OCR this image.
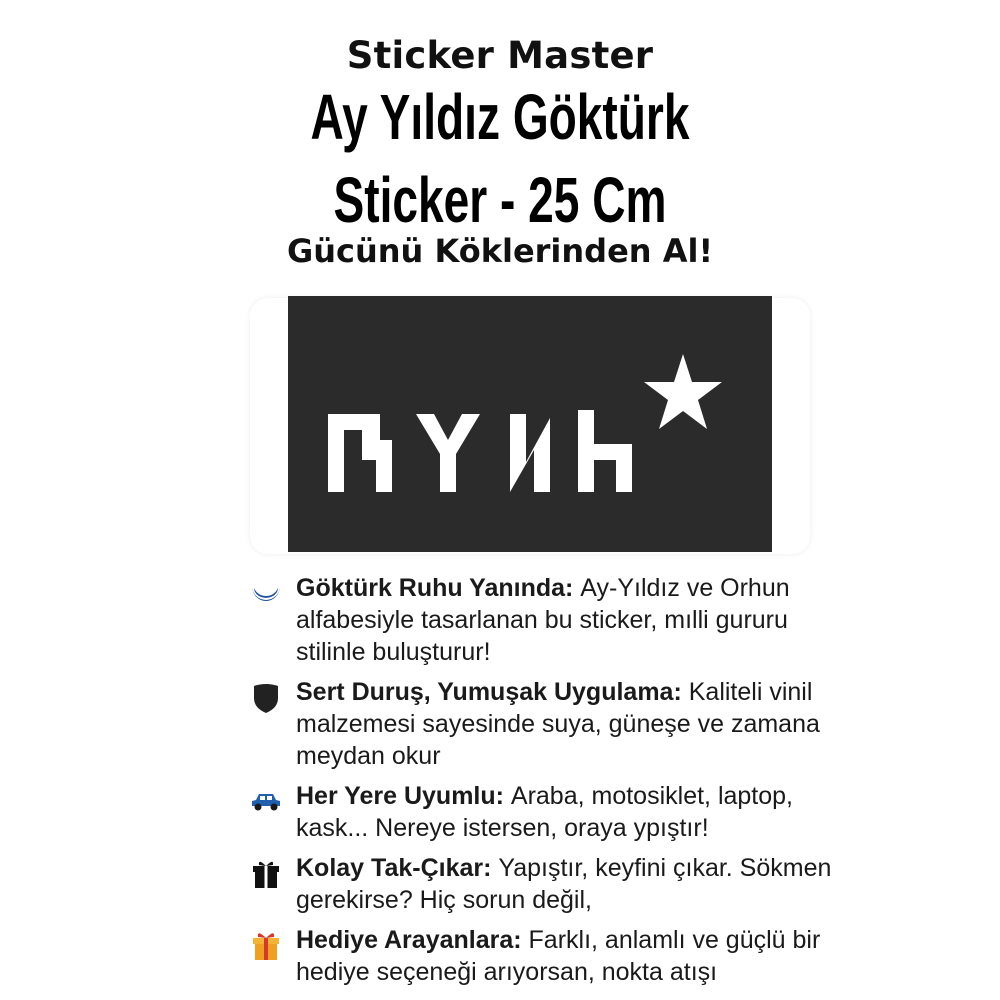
Sticker Master
Ay Yıldız Göktürk
Sticker - 25 Cm
Gücünü Köklerinden Al!
Göktürk Ruhu Yanında: Ay-Yıldız ve Orhun alfabesiyle tasarlanan bu sticker, mılli gururu stilinle buluşturur!
Sert Duruş, Yumuşak Uygulama: Kaliteli vinil malzemesi sayesinde suya, güneşe ve zamana meydan okur
Her Yere Uyumlu: Araba, motosiklet, laptop, kask... Nereye istersen, oraya ypıştır!
Kolay Tak-Çıkar: Yapıştır, keyfini çıkar. Sökmen gerekirse? Hiç sorun değil,
Hediye Arayanlara: Farklı, anlamlı ve güçlü bir hediye seçeneği arıyorsan, nokta atışı
